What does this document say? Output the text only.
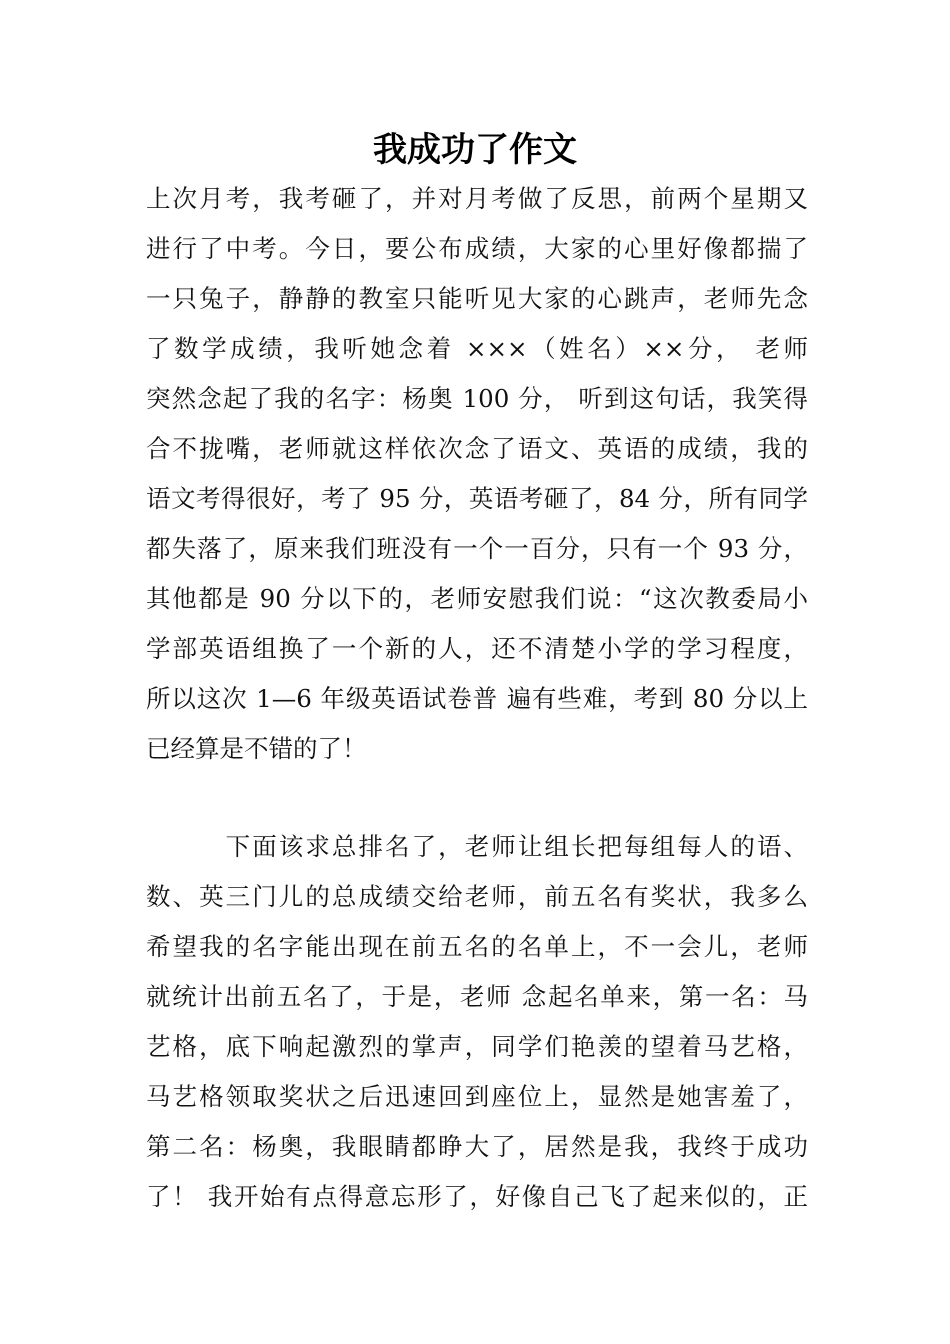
我成功了作文

上次月考，我考砸了，并对月考做了反思，前两个星期又

进行了中考。今日，要公布成绩，大家的心里好像都揣了

一只兔子，静静的教室只能听见大家的心跳声，老师先念

了数学成绩，我听她念着 ×××（姓名）××分， 老师

突然念起了我的名字：杨奥 100 分， 听到这句话，我笑得

合不拢嘴，老师就这样依次念了语文、英语的成绩，我的

语文考得很好，考了 95 分，英语考砸了，84 分，所有同学

都失落了，原来我们班没有一个一百分，只有一个 93 分，

其他都是 90 分以下的，老师安慰我们说：“这次教委局小

学部英语组换了一个新的人，还不清楚小学的学习程度，

所以这次 1—6 年级英语试卷普 遍有些难，考到 80 分以上

已经算是不错的了！

　　　下面该求总排名了，老师让组长把每组每人的语、

数、英三门儿的总成绩交给老师，前五名有奖状，我多么

希望我的名字能出现在前五名的名单上，不一会儿，老师

就统计出前五名了，于是，老师 念起名单来，第一名：马

艺格，底下响起激烈的掌声，同学们艳羡的望着马艺格，

马艺格领取奖状之后迅速回到座位上，显然是她害羞了，

第二名：杨奥，我眼睛都睁大了，居然是我，我终于成功

了！ 我开始有点得意忘形了，好像自己飞了起来似的，正
